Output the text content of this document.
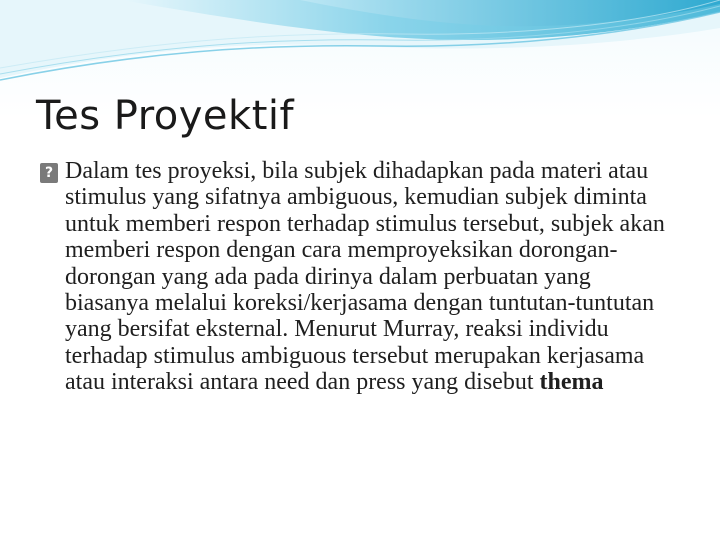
Tes Proyektif
? Dalam tes proyeksi, bila subjek dihadapkan pada materi atau stimulus yang sifatnya ambiguous, kemudian subjek diminta untuk memberi respon terhadap stimulus tersebut, subjek akan memberi respon dengan cara memproyeksikan dorongan-dorongan yang ada pada dirinya dalam perbuatan yang biasanya melalui koreksi/kerjasama dengan tuntutan-tuntutan yang bersifat eksternal. Menurut Murray, reaksi individu terhadap stimulus ambiguous tersebut merupakan kerjasama atau interaksi antara need dan press yang disebut thema
